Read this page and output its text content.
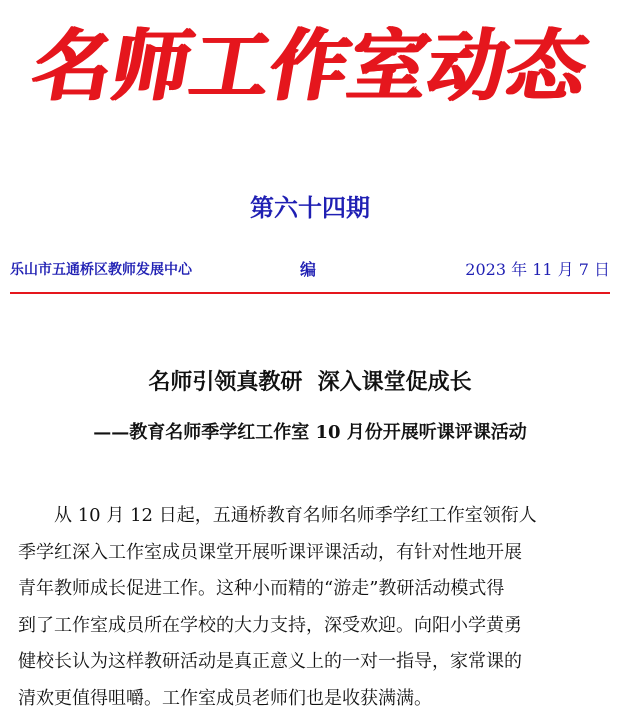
名师工作室动态
第六十四期
乐山市五通桥区教师发展中心	编	2023 年 11 月 7 日
名师引领真教研  深入课堂促成长
——教育名师季学红工作室 10 月份开展听课评课活动
从 10 月 12 日起，五通桥教育名师名师季学红工作室领衔人
季学红深入工作室成员课堂开展听课评课活动，有针对性地开展
青年教师成长促进工作。这种小而精的“游走”教研活动模式得
到了工作室成员所在学校的大力支持，深受欢迎。向阳小学黄勇
健校长认为这样教研活动是真正意义上的一对一指导，家常课的
清欢更值得咀嚼。工作室成员老师们也是收获满满。
